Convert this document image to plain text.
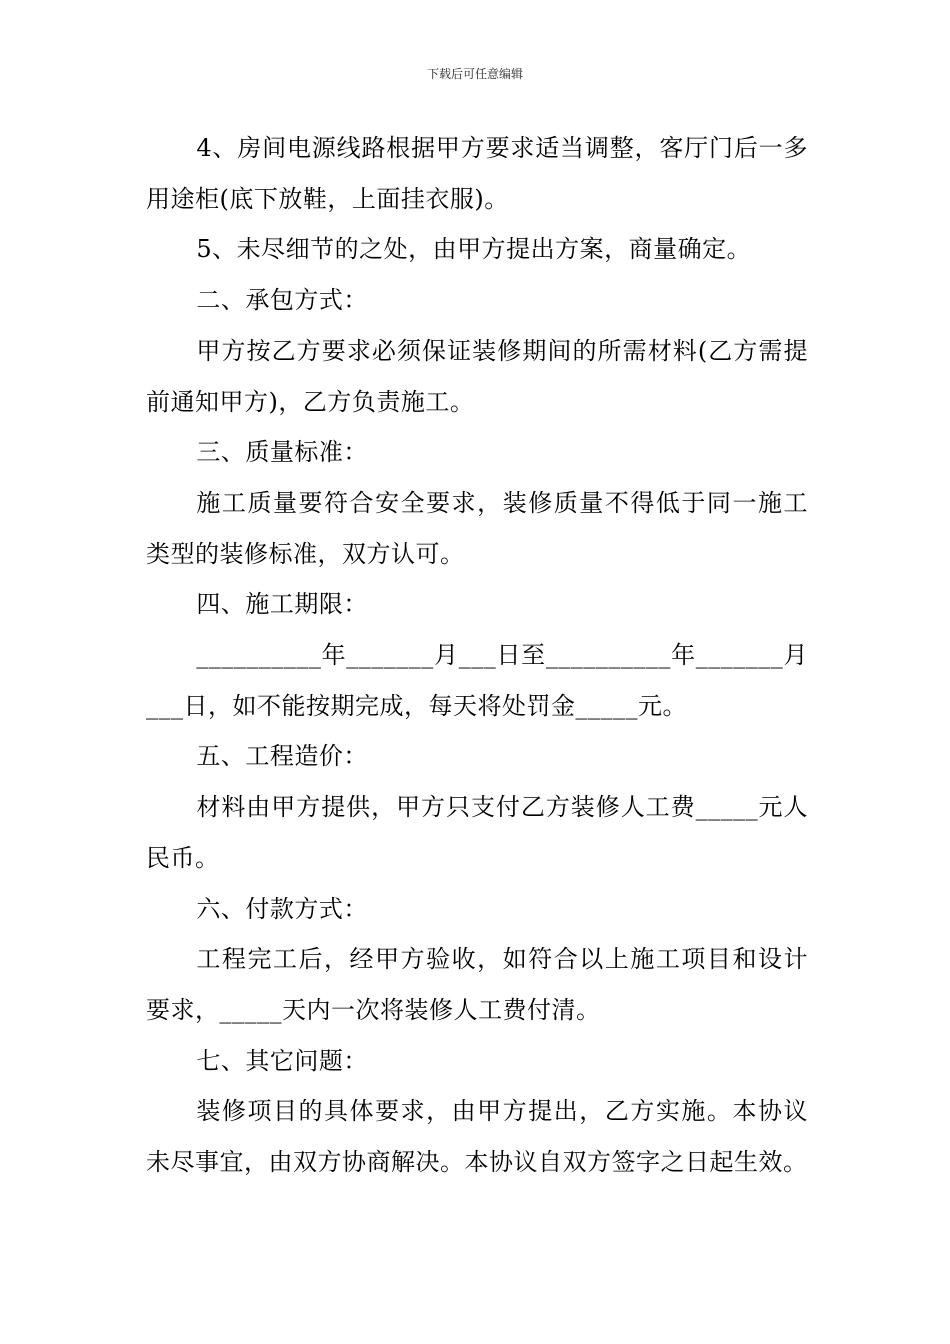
下载后可任意编辑

4、房间电源线路根据甲方要求适当调整，客厅门后一多用途柜(底下放鞋，上面挂衣服)。

5、未尽细节的之处，由甲方提出方案，商量确定。

二、承包方式：

甲方按乙方要求必须保证装修期间的所需材料(乙方需提前通知甲方)，乙方负责施工。

三、质量标准：

施工质量要符合安全要求，装修质量不得低于同一施工类型的装修标准，双方认可。

四、施工期限：

__________年_______月___日至__________年_______月___日，如不能按期完成，每天将处罚金_____元。

五、工程造价：

材料由甲方提供，甲方只支付乙方装修人工费_____元人民币。

六、付款方式：

工程完工后，经甲方验收，如符合以上施工项目和设计要求，_____天内一次将装修人工费付清。

七、其它问题：

装修项目的具体要求，由甲方提出，乙方实施。本协议未尽事宜，由双方协商解决。本协议自双方签字之日起生效。
